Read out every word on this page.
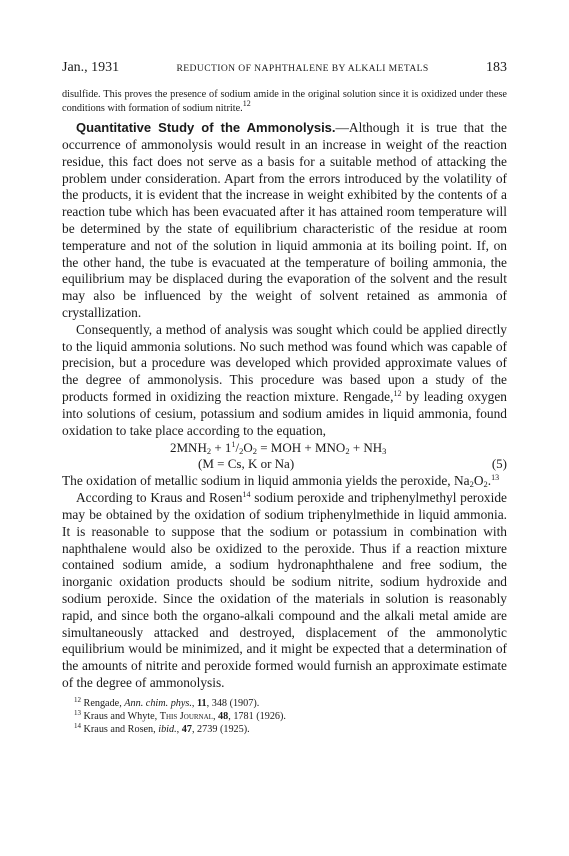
Jan., 1931	REDUCTION OF NAPHTHALENE BY ALKALI METALS	183
disulfide. This proves the presence of sodium amide in the original solution since it is oxidized under these conditions with formation of sodium nitrite.$^{12}$

Quantitative Study of the Ammonolysis.—Although it is true that the occurrence of ammonolysis would result in an increase in weight of the reaction residue, this fact does not serve as a basis for a suitable method of attacking the problem under consideration. Apart from the errors introduced by the volatility of the products, it is evident that the increase in weight exhibited by the contents of a reaction tube which has been evacuated after it has attained room temperature will be determined by the state of equilibrium characteristic of the residue at room temperature and not of the solution in liquid ammonia at its boiling point. If, on the other hand, the tube is evacuated at the temperature of boiling ammonia, the equilibrium may be displaced during the evaporation of the solvent and the result may also be influenced by the weight of solvent retained as ammonia of crystallization.

Consequently, a method of analysis was sought which could be applied directly to the liquid ammonia solutions. No such method was found which was capable of precision, but a procedure was developed which provided approximate values of the degree of ammonolysis. This procedure was based upon a study of the products formed in oxidizing the reaction mixture. Rengade,$^{12}$ by leading oxygen into solutions of cesium, potassium and sodium amides in liquid ammonia, found oxidation to take place according to the equation,

$2MNH_2 + 1^1/_2O_2$ = MOH + $MNO_2 + NH_3$
(M = Cs, K or Na)	(5)

The oxidation of metallic sodium in liquid ammonia yields the peroxide, $Na_2O_2.^{13}$

According to Kraus and Rosen$^{14}$ sodium peroxide and triphenylmethyl peroxide may be obtained by the oxidation of sodium triphenylmethide in liquid ammonia. It is reasonable to suppose that the sodium or potassium in combination with naphthalene would also be oxidized to the peroxide. Thus if a reaction mixture contained sodium amide, a sodium hydronaphthalene and free sodium, the inorganic oxidation products should be sodium nitrite, sodium hydroxide and sodium peroxide. Since the oxidation of the materials in solution is reasonably rapid, and since both the organo-alkali compound and the alkali metal amide are simultaneously attacked and destroyed, displacement of the ammonolytic equilibrium would be minimized, and it might be expected that a determination of the amounts of nitrite and peroxide formed would furnish an approximate estimate of the degree of ammonolysis.

$^{12}$ Rengade, Ann. chim. phys., 11, 348 (1907).
$^{13}$ Kraus and Whyte, This Journal, 48, 1781 (1926).
$^{14}$ Kraus and Rosen, ibid., 47, 2739 (1925).
